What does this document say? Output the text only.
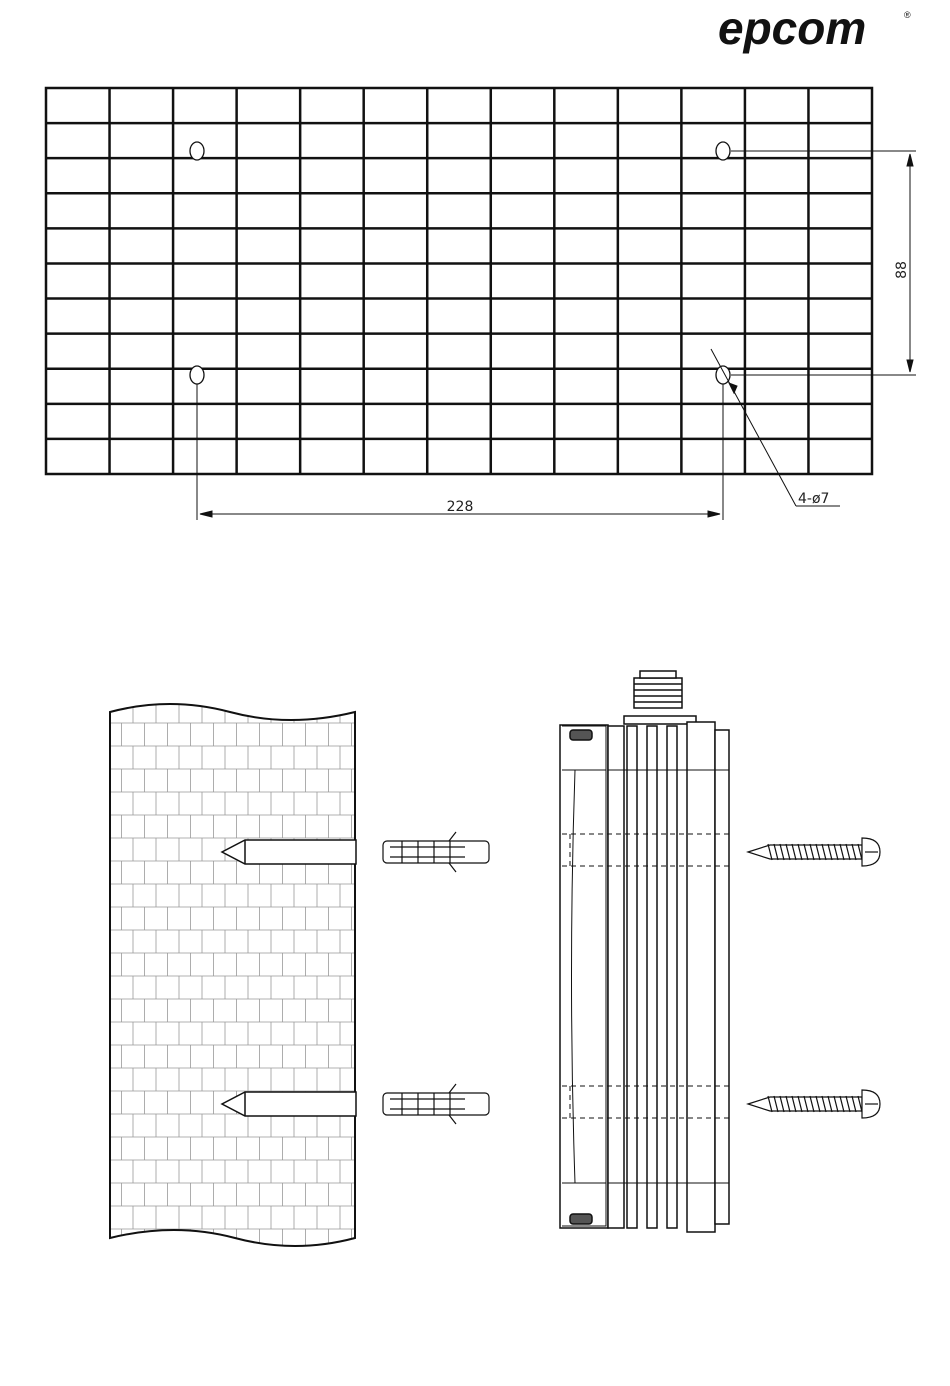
epcom	®
228
88
4-ø7
